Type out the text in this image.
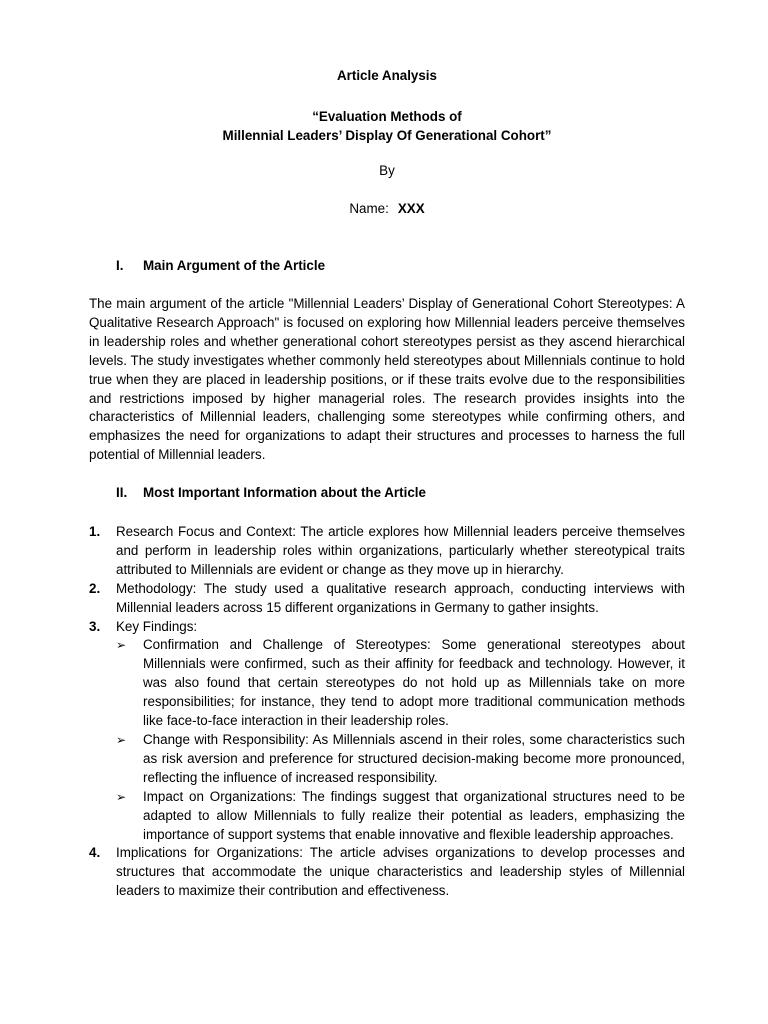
Article Analysis
“Evaluation Methods of
Millennial Leaders’ Display Of Generational Cohort”
By
Name: XXX
I. Main Argument of the Article

The main argument of the article "Millennial Leaders’ Display of Generational Cohort Stereotypes: A Qualitative Research Approach" is focused on exploring how Millennial leaders perceive themselves in leadership roles and whether generational cohort stereotypes persist as they ascend hierarchical levels. The study investigates whether commonly held stereotypes about Millennials continue to hold true when they are placed in leadership positions, or if these traits evolve due to the responsibilities and restrictions imposed by higher managerial roles. The research provides insights into the characteristics of Millennial leaders, challenging some stereotypes while confirming others, and emphasizes the need for organizations to adapt their structures and processes to harness the full potential of Millennial leaders.

II. Most Important Information about the Article
1. Research Focus and Context: The article explores how Millennial leaders perceive themselves and perform in leadership roles within organizations, particularly whether stereotypical traits attributed to Millennials are evident or change as they move up in hierarchy.
2. Methodology: The study used a qualitative research approach, conducting interviews with Millennial leaders across 15 different organizations in Germany to gather insights.
3. Key Findings:
➢ Confirmation and Challenge of Stereotypes: Some generational stereotypes about Millennials were confirmed, such as their affinity for feedback and technology. However, it was also found that certain stereotypes do not hold up as Millennials take on more responsibilities; for instance, they tend to adopt more traditional communication methods like face-to-face interaction in their leadership roles.
➢ Change with Responsibility: As Millennials ascend in their roles, some characteristics such as risk aversion and preference for structured decision-making become more pronounced, reflecting the influence of increased responsibility.
➢ Impact on Organizations: The findings suggest that organizational structures need to be adapted to allow Millennials to fully realize their potential as leaders, emphasizing the importance of support systems that enable innovative and flexible leadership approaches.
4. Implications for Organizations: The article advises organizations to develop processes and structures that accommodate the unique characteristics and leadership styles of Millennial leaders to maximize their contribution and effectiveness.
